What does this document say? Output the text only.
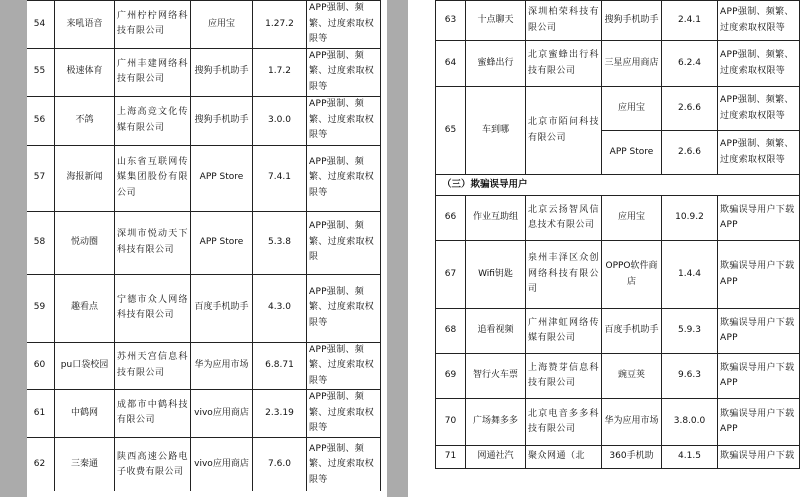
54	来吼语音	广州柠柠网络科技有限公司	应用宝	1.27.2	APP强制、频繁、过度索取权限等
55	极速体育	广州丰建网络科技有限公司	搜狗手机助手	1.7.2	APP强制、频繁、过度索取权限等
56	不鸽	上海高竞文化传媒有限公司	搜狗手机助手	3.0.0	APP强制、频繁、过度索取权限等
57	海报新闻	山东省互联网传媒集团股份有限公司	APP Store	7.4.1	APP强制、频繁、过度索取权限等
58	悦动圈	深圳市悦动天下科技有限公司	APP Store	5.3.8	APP强制、频繁、过度索取权限
59	趣看点	宁德市众人网络科技有限公司	百度手机助手	4.3.0	APP强制、频繁、过度索取权限等
60	pu口袋校园	苏州天宫信息科技有限公司	华为应用市场	6.8.71	APP强制、频繁、过度索取权限等
61	中鹤网	成都市中鹤科技有限公司	vivo应用商店	2.3.19	APP强制、频繁、过度索取权限等
62	三秦通	陕西高速公路电子收费有限公司	vivo应用商店	7.6.0	APP强制、频繁、过度索取权限等
63	十点聊天	深圳柏荣科技有限公司	搜狗手机助手	2.4.1	APP强制、频繁、过度索取权限等
64	蜜蜂出行	北京蜜蜂出行科技有限公司	三星应用商店	6.2.4	APP强制、频繁、过度索取权限等
65	车到哪	北京市陌问科技有限公司	应用宝	2.6.6	APP强制、频繁、过度索取权限等
			APP Store	2.6.6	APP强制、频繁、过度索取权限等
（三）欺骗误导用户					
66	作业互助组	北京云扬智风信息技术有限公司	应用宝	10.9.2	欺骗误导用户下载APP
67	Wifi钥匙	泉州丰泽区众创网络科技有限公司	OPPO软件商店	1.4.4	欺骗误导用户下载APP
68	追看视频	广州津虹网络传媒有限公司	百度手机助手	5.9.3	欺骗误导用户下载APP
69	智行火车票	上海赞芽信息科技有限公司	豌豆荚	9.6.3	欺骗误导用户下载APP
70	广场舞多多	北京电音多多科技有限公司	华为应用市场	3.8.0.0	欺骗误导用户下载APP
71	网通社汽	聚众网通（北	360手机助	4.1.5	欺骗误导用户下载
